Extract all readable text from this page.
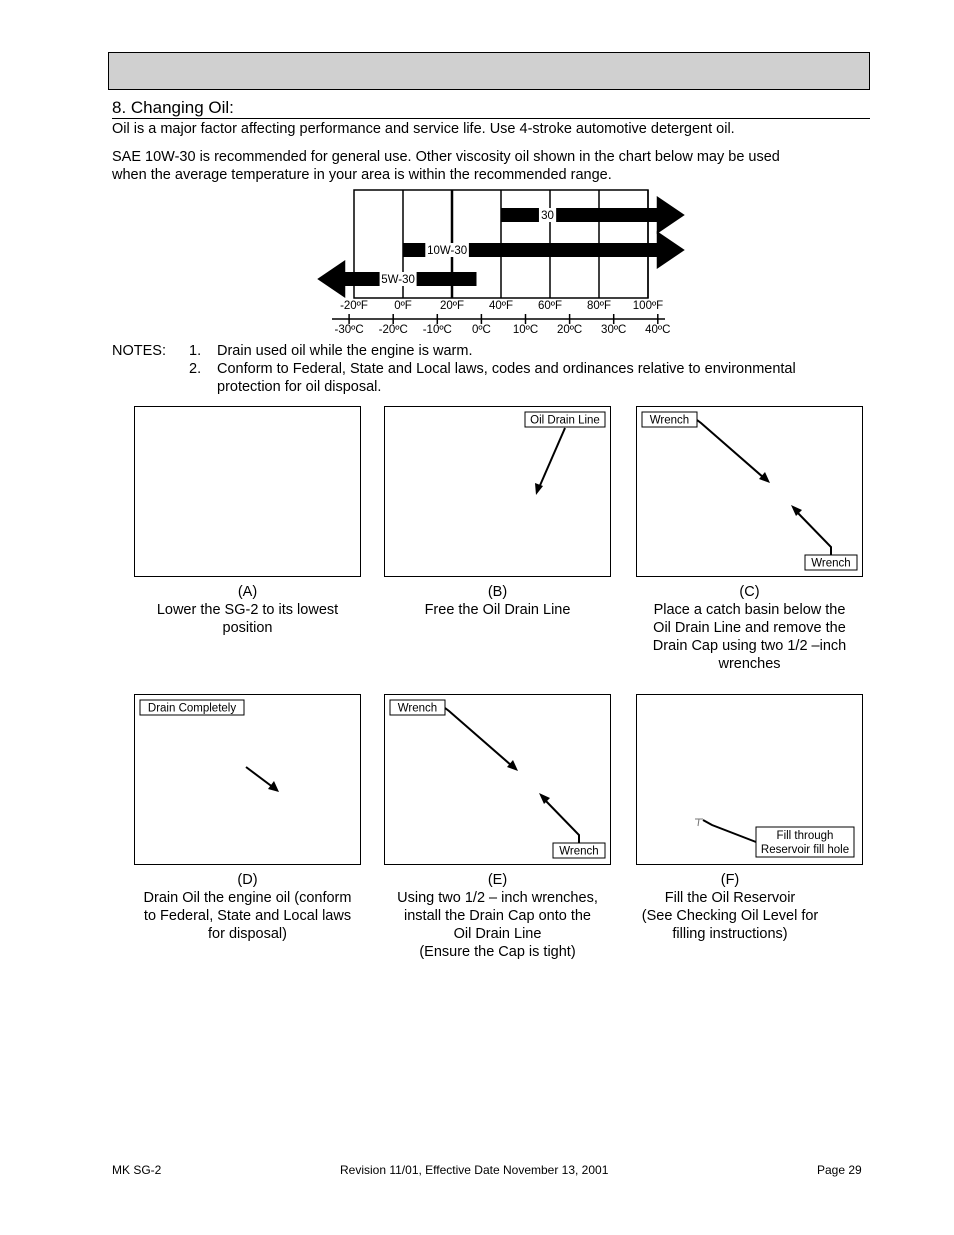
8. Changing Oil:
Oil is a major factor affecting performance and service life. Use 4-stroke automotive detergent oil.
SAE 10W-30 is recommended for general use. Other viscosity oil shown in the chart below may be used
when the average temperature in your area is within the recommended range.
30
10W-30
5W-30
-20ºF 0ºF 20ºF 40ºF 60ºF 80ºF 100ºF
-30ºC -20ºC -10ºC 0ºC 10ºC 20ºC 30ºC 40ºC
NOTES: 1. Drain used oil while the engine is warm.
2. Conform to Federal, State and Local laws, codes and ordinances relative to environmental
protection for oil disposal.
(A)
Lower the SG-2 to its lowest
position
Oil Drain Line
(B)
Free the Oil Drain Line
Wrench
Wrench
(C)
Place a catch basin below the
Oil Drain Line and remove the
Drain Cap using two 1/2 –inch
wrenches
Drain Completely
(D)
Drain Oil the engine oil (conform
to Federal, State and Local laws
for disposal)
Wrench
Wrench
(E)
Using two 1/2 – inch wrenches,
install the Drain Cap onto the
Oil Drain Line
(Ensure the Cap is tight)
Fill through
Reservoir fill hole
(F)
Fill the Oil Reservoir
(See Checking Oil Level for
filling instructions)
MK SG-2	Revision 11/01, Effective Date November 13, 2001	Page 29
